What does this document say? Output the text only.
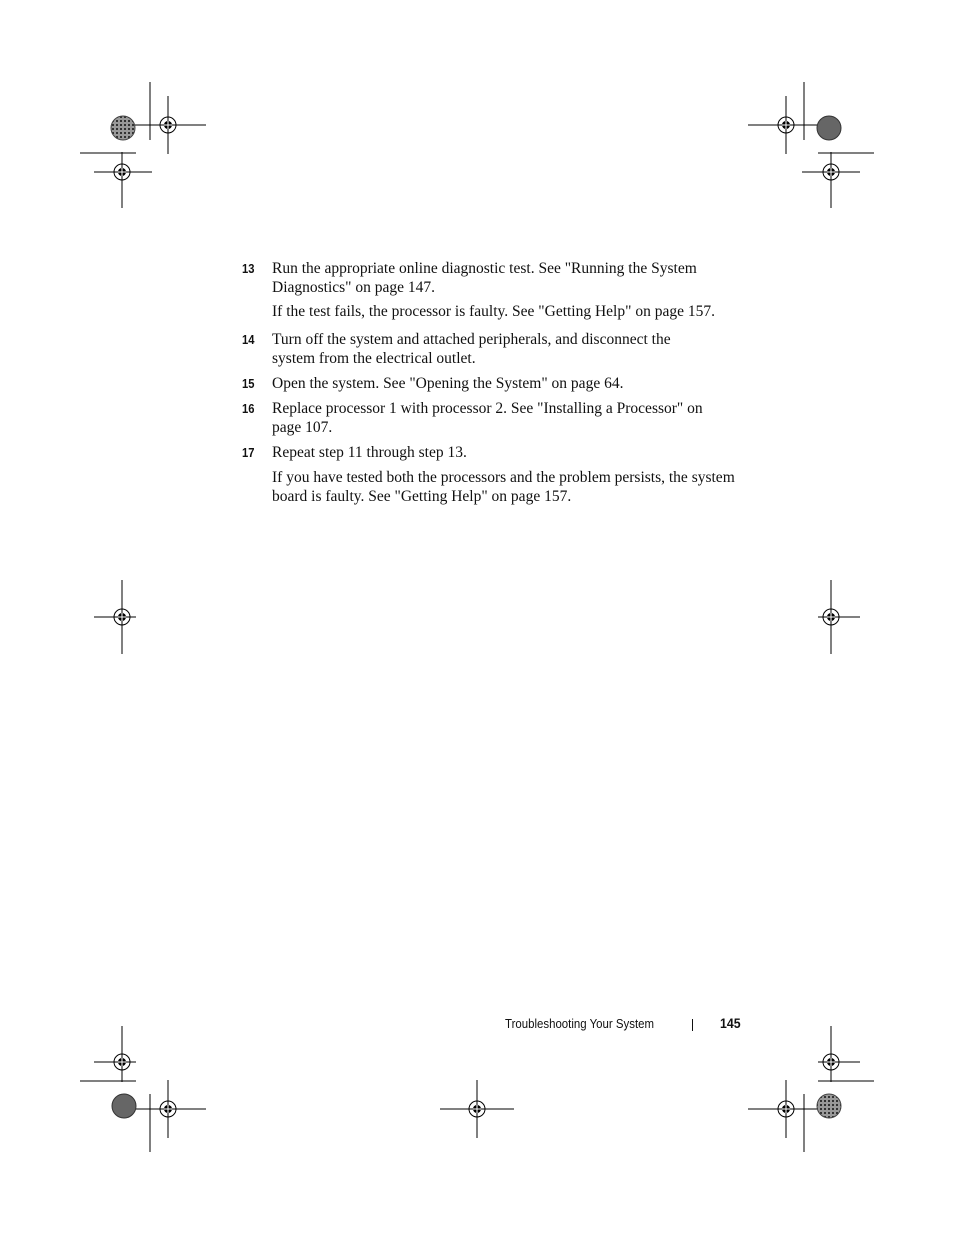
13 Run the appropriate online diagnostic test. See "Running the System
Diagnostics" on page 147.
If the test fails, the processor is faulty. See "Getting Help" on page 157.
14 Turn off the system and attached peripherals, and disconnect the
system from the electrical outlet.
15 Open the system. See "Opening the System" on page 64.
16 Replace processor 1 with processor 2. See "Installing a Processor" on
page 107.
17 Repeat step 11 through step 13.
If you have tested both the processors and the problem persists, the system
board is faulty. See "Getting Help" on page 157.
Troubleshooting Your System	145
